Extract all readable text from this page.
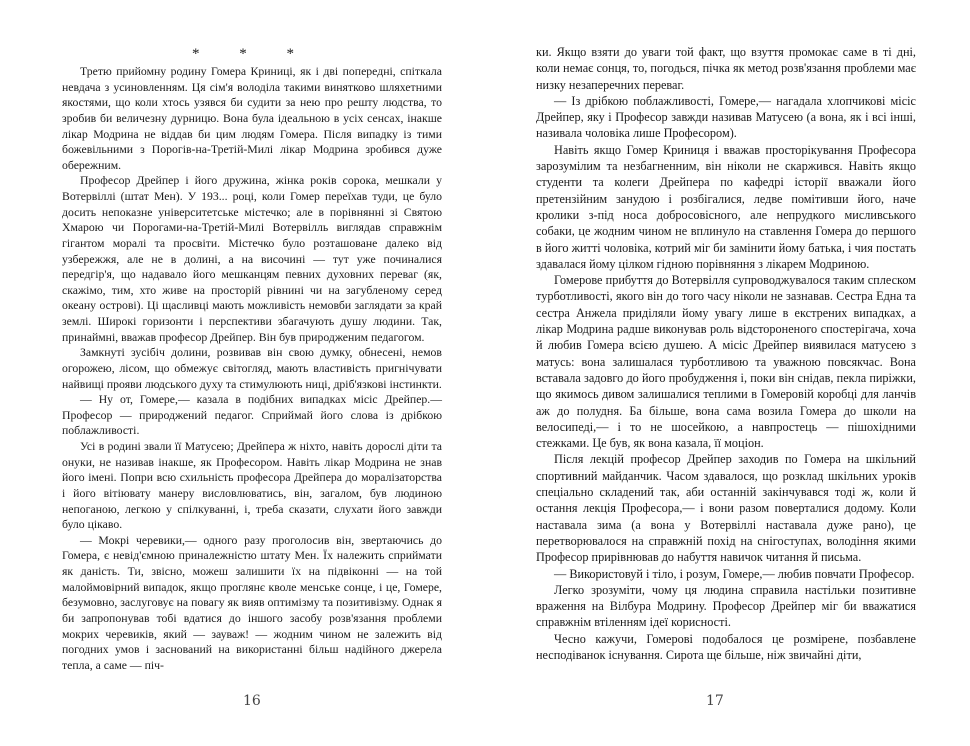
* * *

Третю прийомну родину Гомера Криниці, як і дві попередні, спіткала невдача з усиновленням. Ця сім'я володіла такими винятково шляхетними якостями, що коли хтось узявся би судити за нею про решту людства, то зробив би величезну дурницю. Вона була ідеальною в усіх сенсах, інакше лікар Модрина не віддав би цим людям Гомера. Після випадку із тими божевільними з Порогів-на-Третій-Милі лікар Модрина зробився дуже обережним.

Професор Дрейпер і його дружина, жінка років сорока, мешкали у Вотервіллі (штат Мен). У 193... році, коли Гомер переїхав туди, це було досить непоказне університетське містечко; але в порівнянні зі Святою Хмарою чи Порогами-на-Третій-Милі Вотервілль виглядав справжнім гігантом моралі та просвіти. Містечко було розташоване далеко від узбережжя, але не в долині, а на височині — тут уже починалися передгір'я, що надавало його мешканцям певних духовних переваг (як, скажімо, тим, хто живе на просторій рівнині чи на загубленому серед океану острові). Ці щасливці мають можливість немовби заглядати за край землі. Широкі горизонти і перспективи збагачують душу людини. Так, принаймні, вважав професор Дрейпер. Він був природженим педагогом.

Замкнуті зусібіч долини, розвивав він свою думку, обнесені, немов огорожею, лісом, що обмежує світогляд, мають властивість пригнічувати найвищі прояви людського духу та стимулюють ниці, дріб'язкові інстинкти.

— Ну от, Гомере,— казала в подібних випадках місіс Дрейпер.— Професор — природжений педагог. Сприймай його слова із дрібкою поблажливості.

Усі в родині звали її Матусею; Дрейпера ж ніхто, навіть дорослі діти та онуки, не називав інакше, як Професором. Навіть лікар Модрина не знав його імені. Попри всю схильність професора Дрейпера до моралізаторства і його вітіювату манеру висловлюватись, він, загалом, був людиною непоганою, легкою у спілкуванні, і, треба сказати, слухати його завжди було цікаво.

— Мокрі черевики,— одного разу проголосив він, звертаючись до Гомера, є невід'ємною приналежністю штату Мен. Їх належить сприймати як даність. Ти, звісно, можеш залишити їх на підвіконні — на той малоймовірний випадок, якщо проглянє кволе менське сонце, і це, Гомере, безумовно, заслуговує на повагу як вияв оптимізму та позитивізму. Однак я би запропонував тобі вдатися до іншого засобу розв'язання проблеми мокрих черевиків, який — зауваж! — жодним чином не залежить від погодних умов і заснований на використанні більш надійного джерела тепла, а саме — піч-

16

ки. Якщо взяти до уваги той факт, що взуття промокає саме в ті дні, коли немає сонця, то, погодься, пічка як метод розв'язання проблеми має низку незаперечних переваг.

— Із дрібкою поблажливості, Гомере,— нагадала хлопчикові місіс Дрейпер, яку і Професор завжди називав Матусею (а вона, як і всі інші, називала чоловіка лише Професором).

Навіть якщо Гомер Криниця і вважав просторікування Професора зарозумілим та незбагненним, він ніколи не скаржився. Навіть якщо студенти та колеги Дрейпера по кафедрі історії вважали його претензійним занудою і розбігалися, ледве помітивши його, наче кролики з-під носа добросовісного, але непрудкого мисливського собаки, це жодним чином не вплинуло на ставлення Гомера до першого в його житті чоловіка, котрий міг би замінити йому батька, і чия постать здавалася йому цілком гідною порівняння з лікарем Модриною.

Гомерове прибуття до Вотервілля супроводжувалося таким сплеском турботливості, якого він до того часу ніколи не зазнавав. Сестра Една та сестра Анжела приділяли йому увагу лише в екстрених випадках, а лікар Модрина радше виконував роль відстороненого спостерігача, хоча й любив Гомера всією душею. А місіс Дрейпер виявилася матусею з матусь: вона залишалася турботливою та уважною повсякчас. Вона вставала задовго до його пробудження і, поки він снідав, пекла пиріжки, що якимось дивом залишалися теплими в Гомеровій коробці для ланчів аж до полудня. Ба більше, вона сама возила Гомера до школи на велосипеді,— і то не шосейкою, а навпростець — пішохідними стежками. Це був, як вона казала, її моціон.

Після лекцій професор Дрейпер заходив по Гомера на шкільний спортивний майданчик. Часом здавалося, що розклад шкільних уроків спеціально складений так, аби останній закінчувався тоді ж, коли й остання лекція Професора,— і вони разом поверталися додому. Коли наставала зима (а вона у Вотервіллі наставала дуже рано), це перетворювалося на справжній похід на снігоступах, володіння якими Професор прирівнював до набуття навичок читання й письма.

— Використовуй і тіло, і розум, Гомере,— любив повчати Професор.

Легко зрозуміти, чому ця людина справила настільки позитивне враження на Вілбура Модрину. Професор Дрейпер міг би вважатися справжнім втіленням ідеї корисності.

Чесно кажучи, Гомерові подобалося це розмірене, позбавлене несподіванок існування. Сирота ще більше, ніж звичайні діти,

17
